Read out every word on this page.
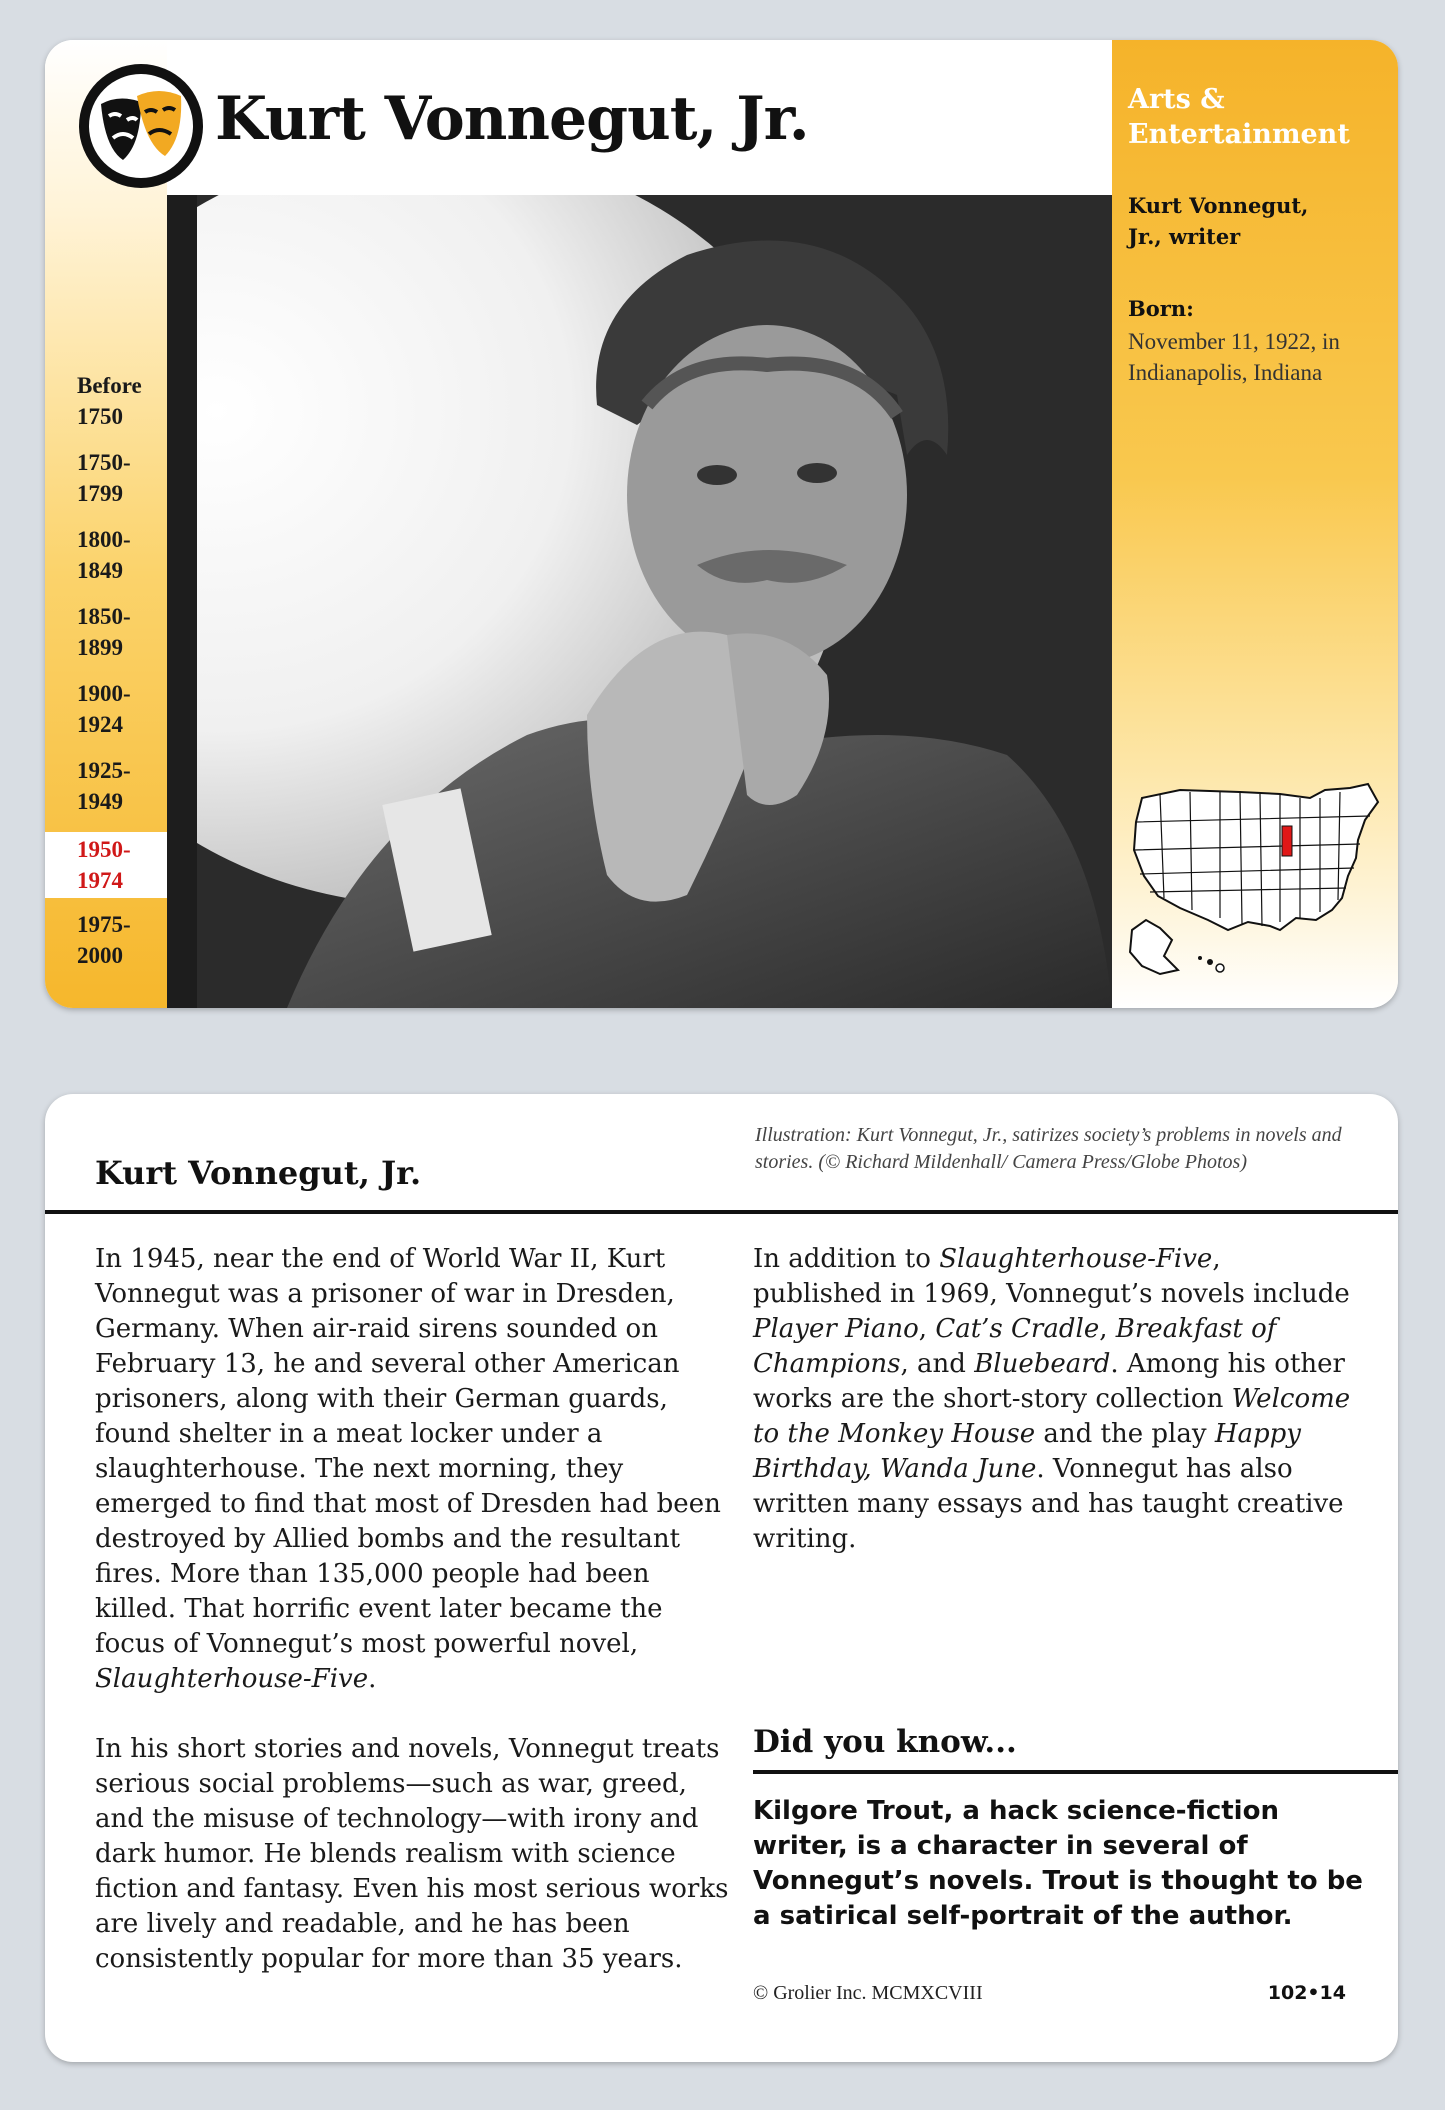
Before
1750
1750-
1799
1800-
1849
1850-
1899
1900-
1924
1925-
1949
1950-
1974
1975-
2000
Kurt Vonnegut, Jr.	Arts & Entertainment
Kurt Vonnegut, Jr., writer
Born:
November 11, 1922, in Indianapolis, Indiana
Kurt Vonnegut, Jr.
Illustration: Kurt Vonnegut, Jr., satirizes society’s problems in novels and stories. (© Richard Mildenhall/ Camera Press/Globe Photos)

In 1945, near the end of World War II, Kurt Vonnegut was a prisoner of war in Dresden, Germany. When air-raid sirens sounded on February 13, he and several other American prisoners, along with their German guards, found shelter in a meat locker under a slaughterhouse. The next morning, they emerged to find that most of Dresden had been destroyed by Allied bombs and the resultant fires. More than 135,000 people had been killed. That horrific event later became the focus of Vonnegut’s most powerful novel, Slaughterhouse-Five.

In his short stories and novels, Vonnegut treats serious social problems—such as war, greed, and the misuse of technology—with irony and dark humor. He blends realism with science fiction and fantasy. Even his most serious works are lively and readable, and he has been consistently popular for more than 35 years.

In addition to Slaughterhouse-Five, published in 1969, Vonnegut’s novels include Player Piano, Cat’s Cradle, Breakfast of Champions, and Bluebeard. Among his other works are the short-story collection Welcome to the Monkey House and the play Happy Birthday, Wanda June. Vonnegut has also written many essays and has taught creative writing.

Did you know...
Kilgore Trout, a hack science-fiction writer, is a character in several of Vonnegut’s novels. Trout is thought to be a satirical self-portrait of the author.
© Grolier Inc. MCMXCVIII	102•14
